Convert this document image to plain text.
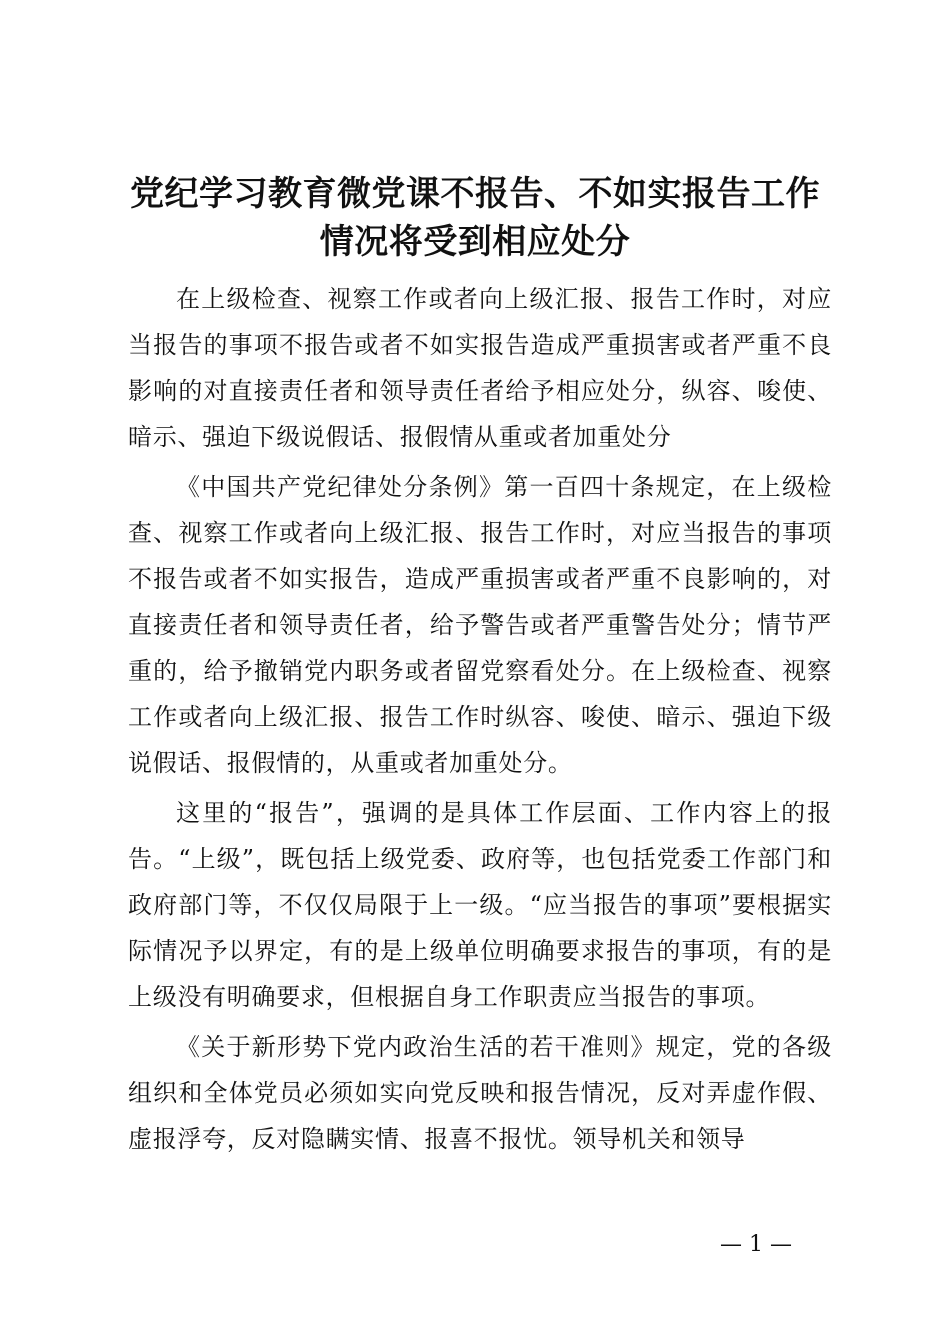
党纪学习教育微党课不报告、不如实报告工作
情况将受到相应处分

在上级检查、视察工作或者向上级汇报、报告工作时，对应当报告的事项不报告或者不如实报告造成严重损害或者严重不良影响的对直接责任者和领导责任者给予相应处分，纵容、唆使、暗示、强迫下级说假话、报假情从重或者加重处分

《中国共产党纪律处分条例》第一百四十条规定，在上级检查、视察工作或者向上级汇报、报告工作时，对应当报告的事项不报告或者不如实报告，造成严重损害或者严重不良影响的，对直接责任者和领导责任者，给予警告或者严重警告处分；情节严重的，给予撤销党内职务或者留党察看处分。在上级检查、视察工作或者向上级汇报、报告工作时纵容、唆使、暗示、强迫下级说假话、报假情的，从重或者加重处分。

这里的“报告”，强调的是具体工作层面、工作内容上的报告。“上级”，既包括上级党委、政府等，也包括党委工作部门和政府部门等，不仅仅局限于上一级。“应当报告的事项”要根据实际情况予以界定，有的是上级单位明确要求报告的事项，有的是上级没有明确要求，但根据自身工作职责应当报告的事项。

《关于新形势下党内政治生活的若干准则》规定，党的各级组织和全体党员必须如实向党反映和报告情况，反对弄虚作假、虚报浮夸，反对隐瞒实情、报喜不报忧。领导机关和领导

— 1 —
